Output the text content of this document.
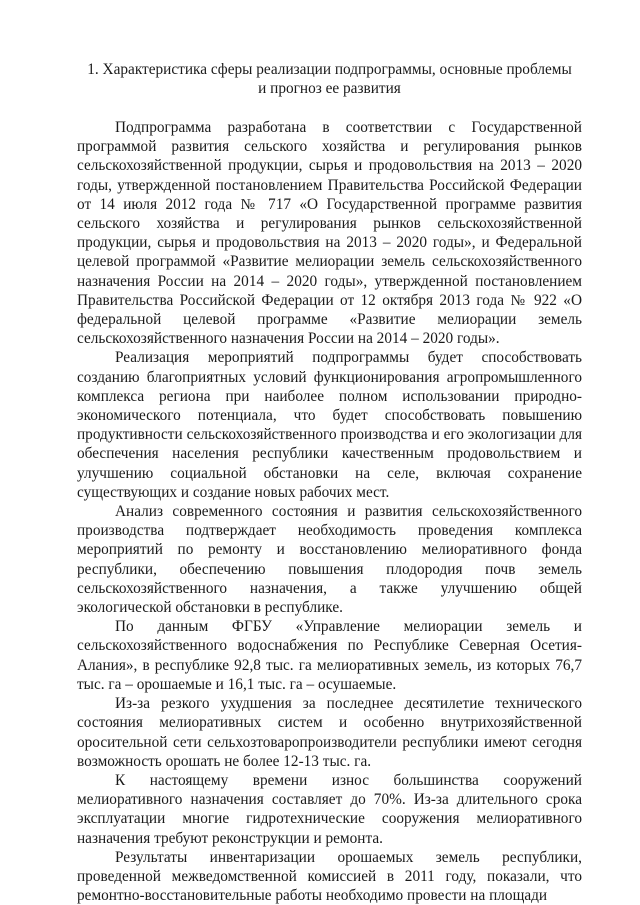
1. Характеристика сферы реализации подпрограммы, основные проблемы
и прогноз ее развития

Подпрограмма разработана в соответствии с Государственной программой развития сельского хозяйства и регулирования рынков сельскохозяйственной продукции, сырья и продовольствия на 2013 – 2020 годы, утвержденной постановлением Правительства Российской Федерации от 14 июля 2012 года № 717 «О Государственной программе развития сельского хозяйства и регулирования рынков сельскохозяйственной продукции, сырья и продовольствия на 2013 – 2020 годы», и Федеральной целевой программой «Развитие мелиорации земель сельскохозяйственного назначения России на 2014 – 2020 годы», утвержденной постановлением Правительства Российской Федерации от 12 октября 2013 года № 922 «О федеральной целевой программе «Развитие мелиорации земель сельскохозяйственного назначения России на 2014 – 2020 годы».

Реализация мероприятий подпрограммы будет способствовать созданию благоприятных условий функционирования агропромышленного комплекса региона при наиболее полном использовании природно-экономического потенциала, что будет способствовать повышению продуктивности сельскохозяйственного производства и его экологизации для обеспечения населения республики качественным продовольствием и улучшению социальной обстановки на селе, включая сохранение существующих и создание новых рабочих мест.

Анализ современного состояния и развития сельскохозяйственного производства подтверждает необходимость проведения комплекса мероприятий по ремонту и восстановлению мелиоративного фонда республики, обеспечению повышения плодородия почв земель сельскохозяйственного назначения, а также улучшению общей экологической обстановки в республике.

По данным ФГБУ «Управление мелиорации земель и сельскохозяйственного водоснабжения по Республике Северная Осетия-Алания», в республике 92,8 тыс. га мелиоративных земель, из которых 76,7 тыс. га – орошаемые и 16,1 тыс. га – осушаемые.

Из-за резкого ухудшения за последнее десятилетие технического состояния мелиоративных систем и особенно внутрихозяйственной оросительной сети сельхозтоваропроизводители республики имеют сегодня возможность орошать не более 12-13 тыс. га.

К настоящему времени износ большинства сооружений мелиоративного назначения составляет до 70%. Из-за длительного срока эксплуатации многие гидротехнические сооружения мелиоративного назначения требуют реконструкции и ремонта.

Результаты инвентаризации орошаемых земель республики, проведенной межведомственной комиссией в 2011 году, показали, что ремонтно-восстановительные работы необходимо провести на площади
